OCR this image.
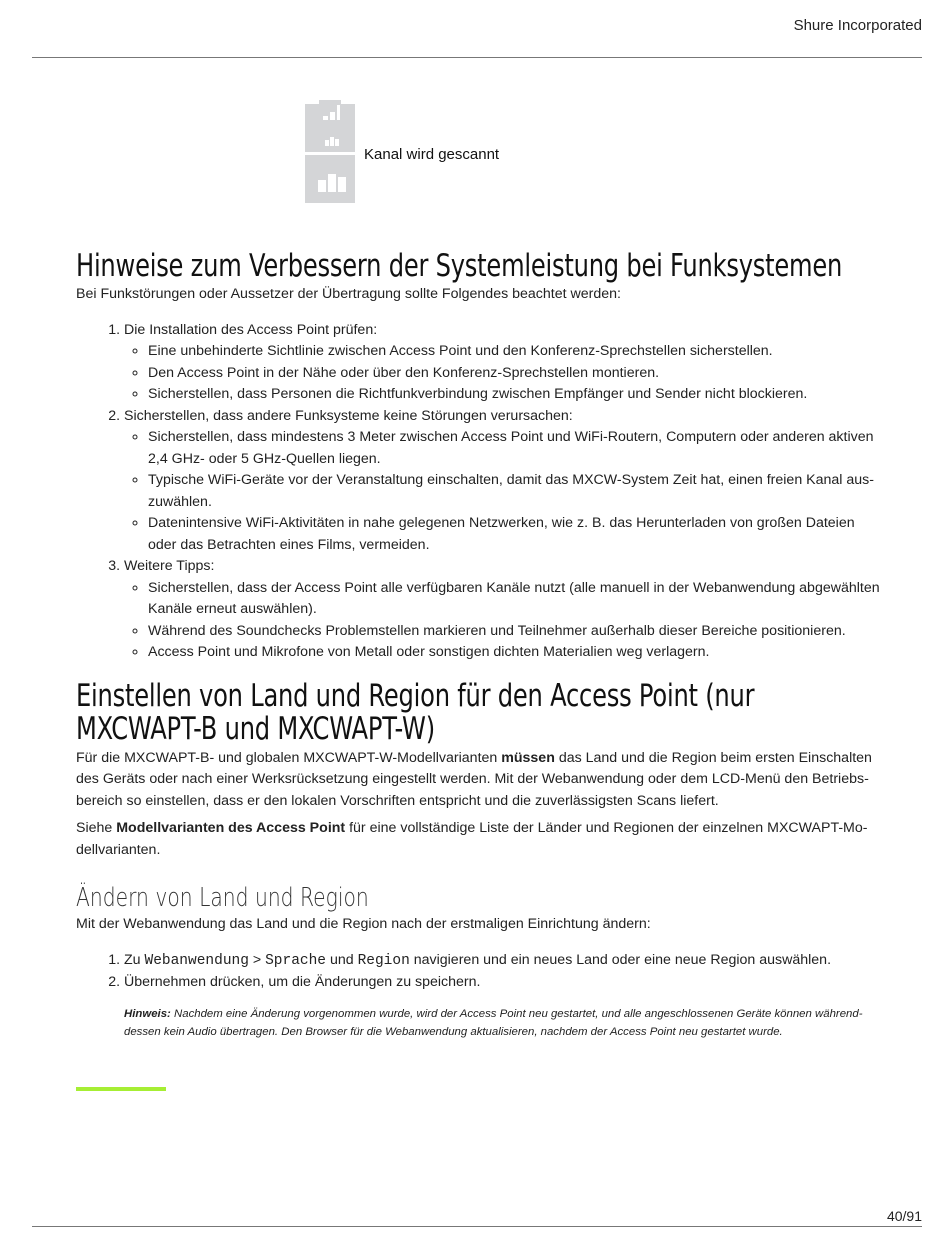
Shure Incorporated
Kanal wird gescannt
Hinweise zum Verbessern der Systemleistung bei Funksystemen

Bei Funkstörungen oder Aussetzer der Übertragung sollte Folgendes beachtet werden:

1. Die Installation des Access Point prüfen:
◦ Eine unbehinderte Sichtlinie zwischen Access Point und den Konferenz-Sprechstellen sicherstellen.
◦ Den Access Point in der Nähe oder über den Konferenz-Sprechstellen montieren.
◦ Sicherstellen, dass Personen die Richtfunkverbindung zwischen Empfänger und Sender nicht blockieren.
2. Sicherstellen, dass andere Funksysteme keine Störungen verursachen:
◦ Sicherstellen, dass mindestens 3 Meter zwischen Access Point und WiFi-Routern, Computern oder anderen aktiven 2,4 GHz- oder 5 GHz-Quellen liegen.
◦ Typische WiFi-Geräte vor der Veranstaltung einschalten, damit das MXCW-System Zeit hat, einen freien Kanal auszuwählen.
◦ Datenintensive WiFi-Aktivitäten in nahe gelegenen Netzwerken, wie z. B. das Herunterladen von großen Dateien oder das Betrachten eines Films, vermeiden.
3. Weitere Tipps:
◦ Sicherstellen, dass der Access Point alle verfügbaren Kanäle nutzt (alle manuell in der Webanwendung abgewählten Kanäle erneut auswählen).
◦ Während des Soundchecks Problemstellen markieren und Teilnehmer außerhalb dieser Bereiche positionieren.
◦ Access Point und Mikrofone von Metall oder sonstigen dichten Materialien weg verlagern.
Einstellen von Land und Region für den Access Point (nur MXCWAPT-B und MXCWAPT-W)

Für die MXCWAPT-B- und globalen MXCWAPT-W-Modellvarianten müssen das Land und die Region beim ersten Einschalten des Geräts oder nach einer Werksrücksetzung eingestellt werden. Mit der Webanwendung oder dem LCD-Menü den Betriebsbereich so einstellen, dass er den lokalen Vorschriften entspricht und die zuverlässigsten Scans liefert.

Siehe Modellvarianten des Access Point für eine vollständige Liste der Länder und Regionen der einzelnen MXCWAPT-Modellvarianten.

Ändern von Land und Region

Mit der Webanwendung das Land und die Region nach der erstmaligen Einrichtung ändern:

1. Zu Webanwendung > Sprache und Region navigieren und ein neues Land oder eine neue Region auswählen.
2. Übernehmen drücken, um die Änderungen zu speichern.

Hinweis: Nachdem eine Änderung vorgenommen wurde, wird der Access Point neu gestartet, und alle angeschlossenen Geräte können währenddessen kein Audio übertragen. Den Browser für die Webanwendung aktualisieren, nachdem der Access Point neu gestartet wurde.

40/91
